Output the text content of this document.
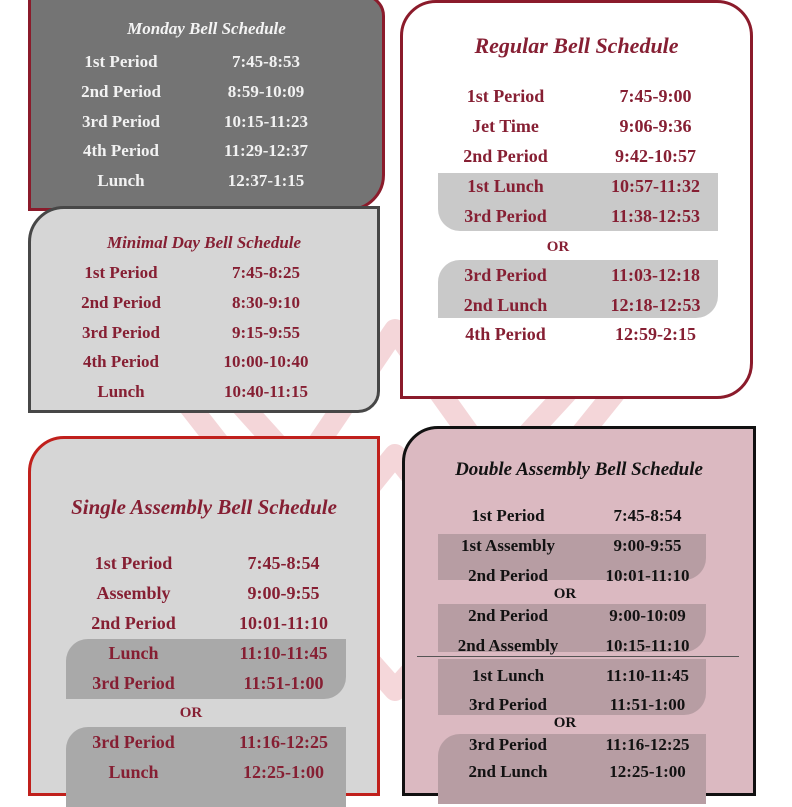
Monday Bell Schedule
1st Period	7:45-8:53
2nd Period	8:59-10:09
3rd Period	10:15-11:23
4th Period	11:29-12:37
Lunch	12:37-1:15
Minimal Day Bell Schedule
1st Period	7:45-8:25
2nd Period	8:30-9:10
3rd Period	9:15-9:55
4th Period	10:00-10:40
Lunch	10:40-11:15
Regular Bell Schedule
1st Period	7:45-9:00
Jet Time	9:06-9:36
2nd Period	9:42-10:57
1st Lunch	10:57-11:32
3rd Period	11:38-12:53
OR
3rd Period	11:03-12:18
2nd Lunch	12:18-12:53
4th Period	12:59-2:15
Single Assembly Bell Schedule
1st Period	7:45-8:54
Assembly	9:00-9:55
2nd Period	10:01-11:10
Lunch	11:10-11:45
3rd Period	11:51-1:00
OR
3rd Period	11:16-12:25
Lunch	12:25-1:00
Double Assembly Bell Schedule
1st Period	7:45-8:54
1st Assembly	9:00-9:55
2nd Period	10:01-11:10
OR
2nd Period	9:00-10:09
2nd Assembly	10:15-11:10
1st Lunch	11:10-11:45
3rd Period	11:51-1:00
OR
3rd Period	11:16-12:25
2nd Lunch	12:25-1:00
